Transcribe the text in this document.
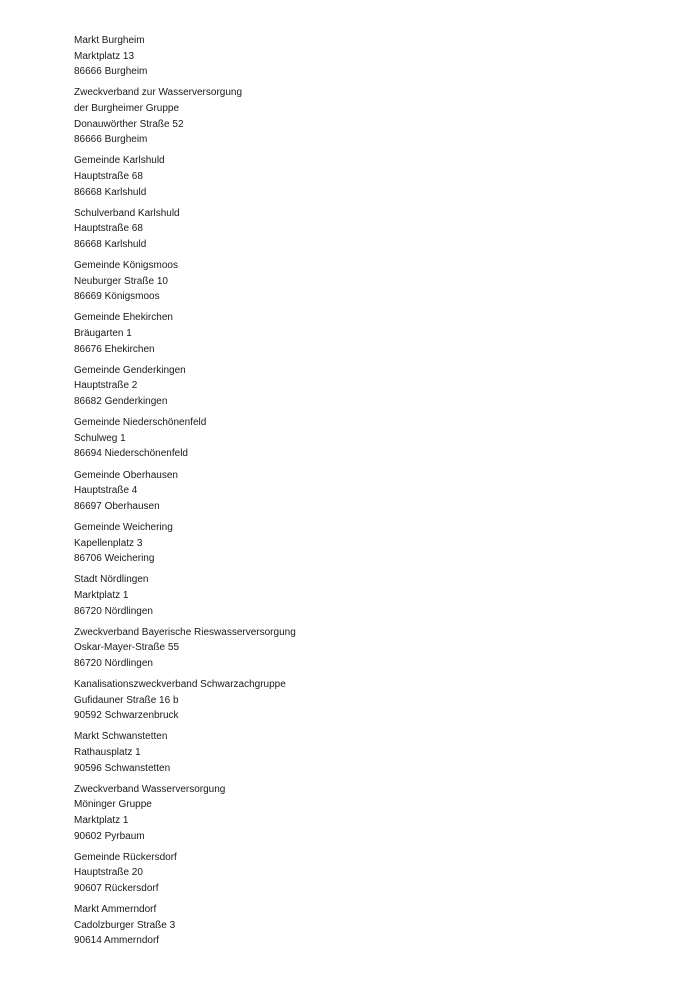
Markt Burgheim
Marktplatz 13
86666 Burgheim
Zweckverband zur Wasserversorgung
der Burgheimer Gruppe
Donauwörther Straße 52
86666 Burgheim
Gemeinde Karlshuld
Hauptstraße 68
86668 Karlshuld
Schulverband Karlshuld
Hauptstraße 68
86668 Karlshuld
Gemeinde Königsmoos
Neuburger Straße 10
86669 Königsmoos
Gemeinde Ehekirchen
Bräugarten 1
86676 Ehekirchen
Gemeinde Genderkingen
Hauptstraße 2
86682 Genderkingen
Gemeinde Niederschönenfeld
Schulweg 1
86694 Niederschönenfeld
Gemeinde Oberhausen
Hauptstraße 4
86697 Oberhausen
Gemeinde Weichering
Kapellenplatz 3
86706 Weichering
Stadt Nördlingen
Marktplatz 1
86720 Nördlingen
Zweckverband Bayerische Rieswasserversorgung
Oskar-Mayer-Straße 55
86720 Nördlingen
Kanalisationszweckverband Schwarzachgruppe
Gufidauner Straße 16 b
90592 Schwarzenbruck
Markt Schwanstetten
Rathausplatz 1
90596 Schwanstetten
Zweckverband Wasserversorgung
Möninger Gruppe
Marktplatz 1
90602 Pyrbaum
Gemeinde Rückersdorf
Hauptstraße 20
90607 Rückersdorf
Markt Ammerndorf
Cadolzburger Straße 3
90614 Ammerndorf
